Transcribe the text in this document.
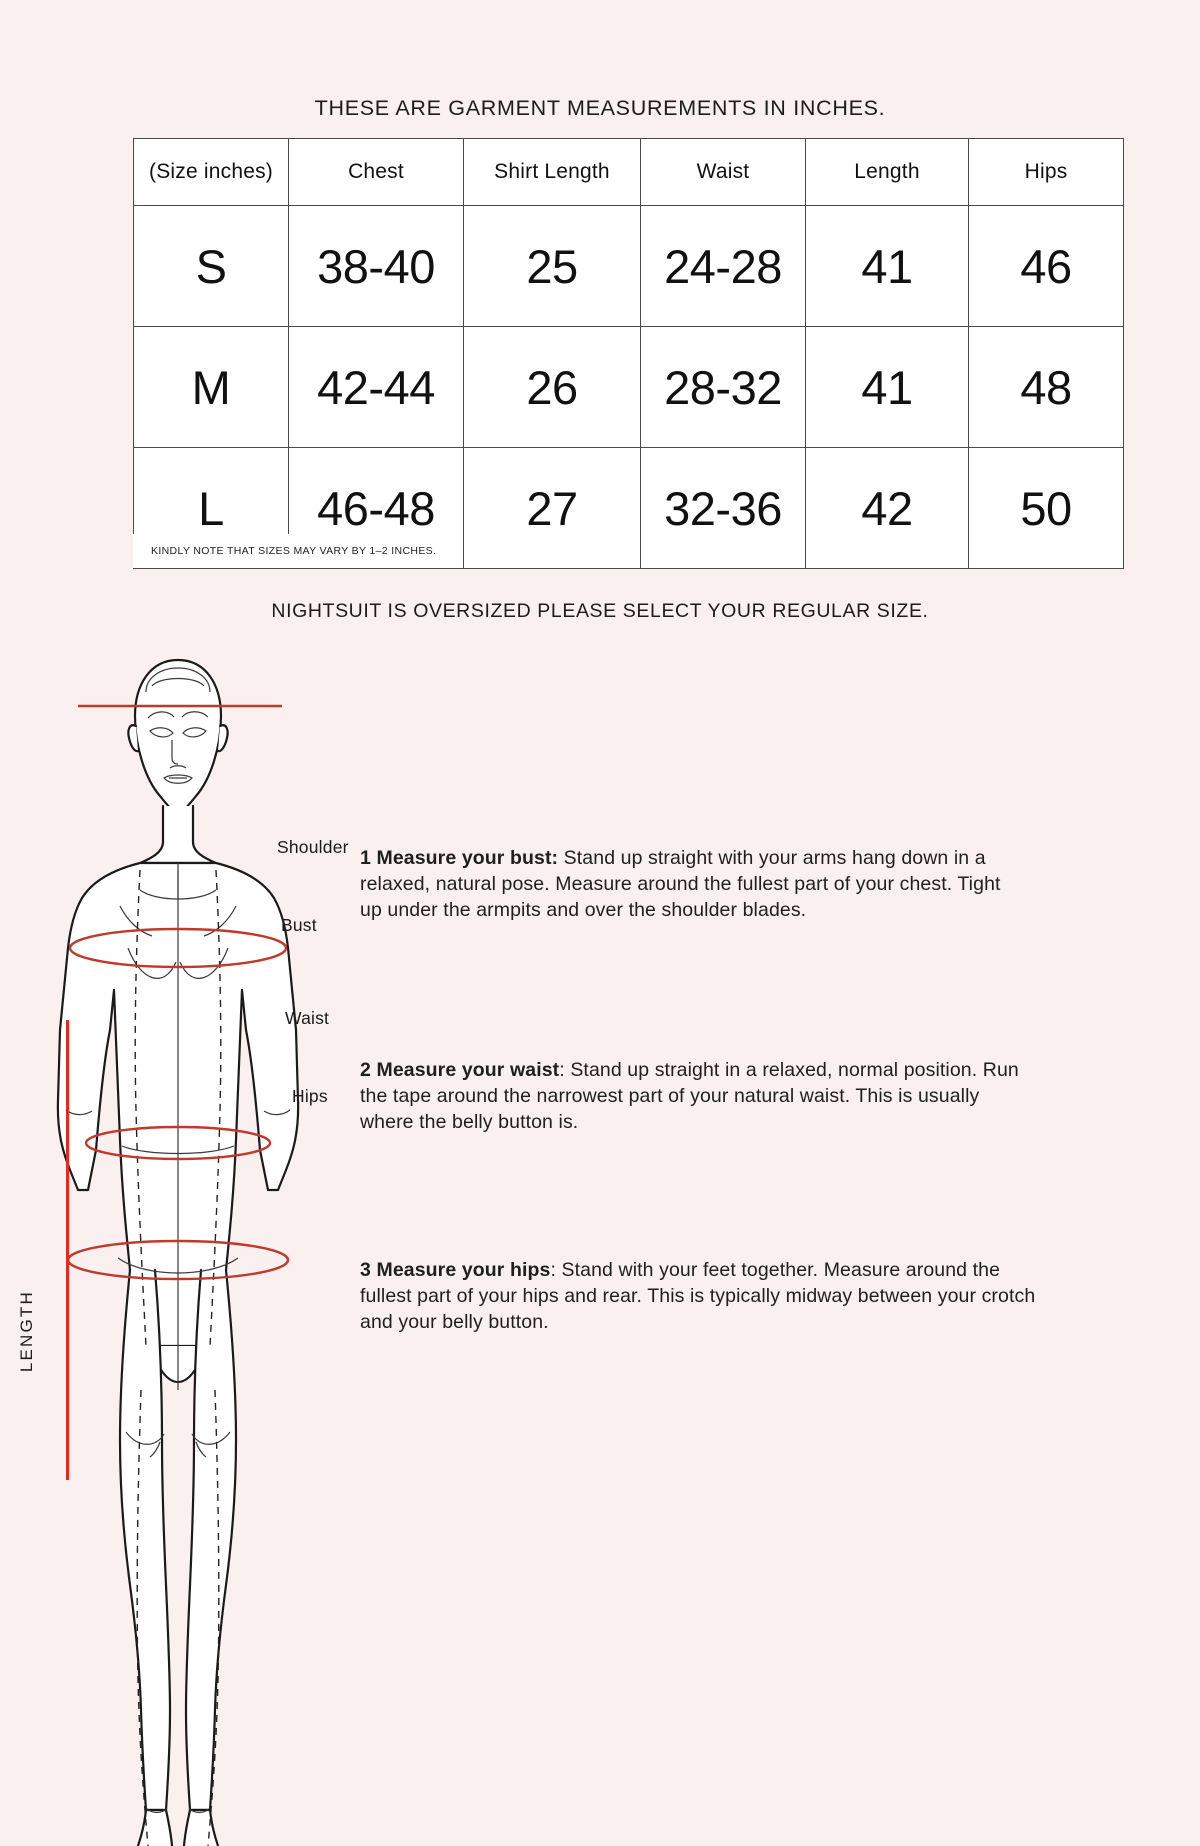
THESE ARE GARMENT MEASUREMENTS IN INCHES.
(Size inches)	Chest	Shirt Length	Waist	Length	Hips
S	38-40	25	24-28	41	46
M	42-44	26	28-32	41	48
L	46-48	27	32-36	42	50
KINDLY NOTE THAT SIZES MAY VARY BY 1–2 INCHES.
NIGHTSUIT IS OVERSIZED PLEASE SELECT YOUR REGULAR SIZE.
Shoulder
Bust
Waist
Hips
LENGTH
1 Measure your bust: Stand up straight with your arms hang down in a relaxed, natural pose. Measure around the fullest part of your chest. Tight up under the armpits and over the shoulder blades.
2 Measure your waist: Stand up straight in a relaxed, normal position. Run the tape around the narrowest part of your natural waist. This is usually where the belly button is.
3 Measure your hips: Stand with your feet together. Measure around the fullest part of your hips and rear. This is typically midway between your crotch and your belly button.
